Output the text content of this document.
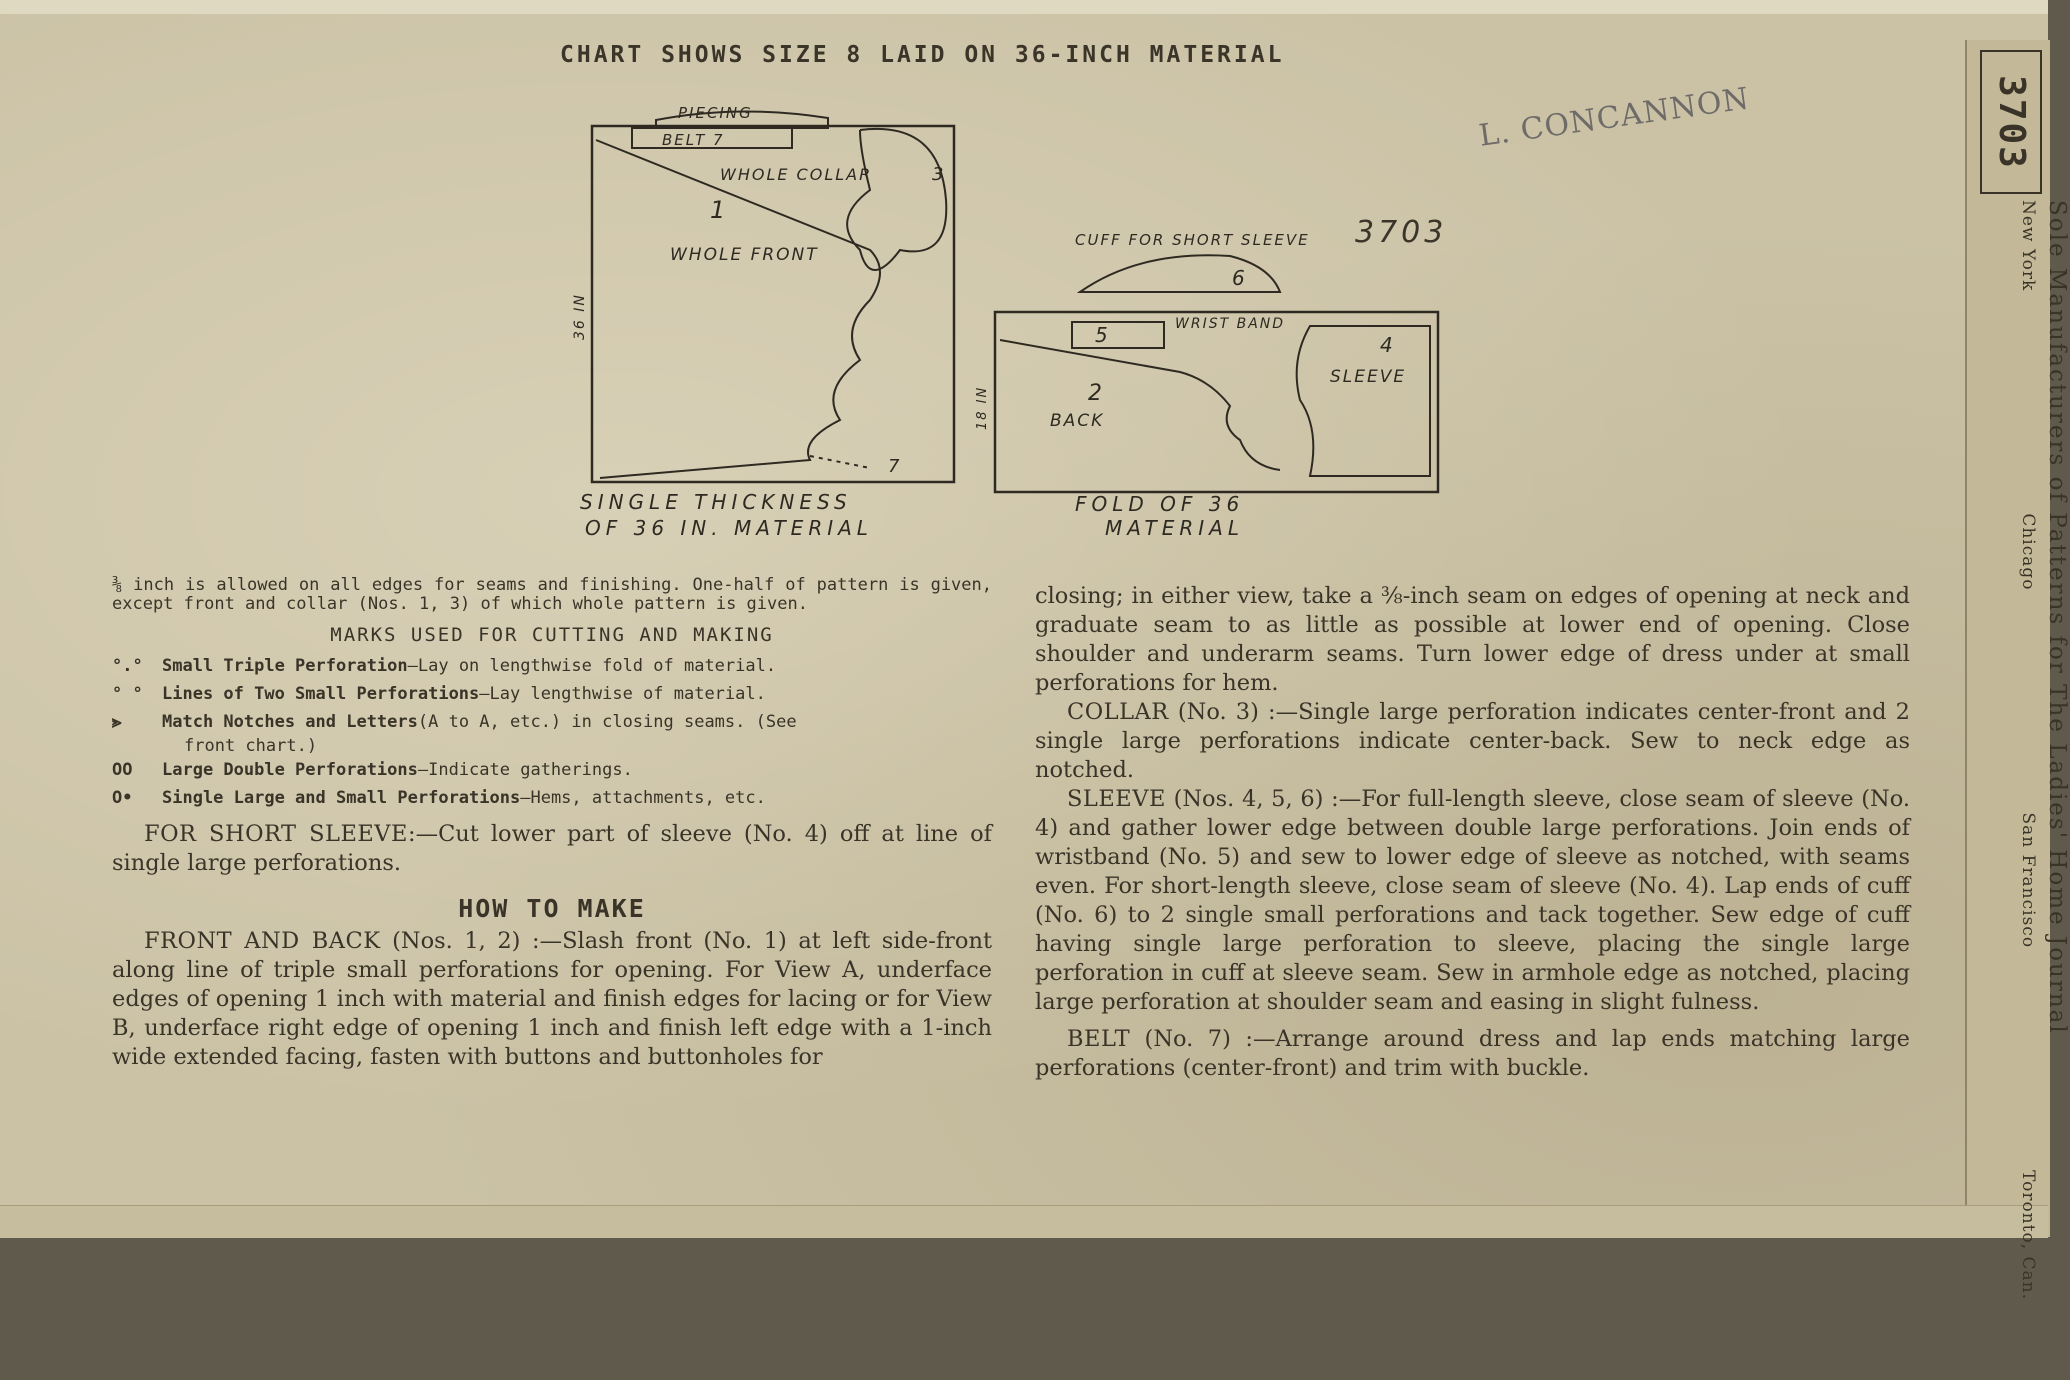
CHART SHOWS SIZE 8 LAID ON 36-INCH MATERIAL
L. CONCANNON
3703
PIECING
BELT 7
WHOLE COLLAR	3
1
WHOLE FRONT
36 IN
7
SINGLE THICKNESS
OF 36 IN. MATERIAL
CUFF FOR SHORT SLEEVE
6
5	WRIST BAND
4
SLEEVE
2
BACK
18 IN
FOLD OF 36
MATERIAL

⅜ inch is allowed on all edges for seams and finishing. One-half of pattern is given, except front and collar (Nos. 1, 3) of which whole pattern is given.

MARKS USED FOR CUTTING AND MAKING
°.°	Small Triple Perforation —Lay on lengthwise fold of material.
° °	Lines of Two Small Perforations —Lay lengthwise of material.
⪢	Match Notches and Letters (A to A, etc.) in closing seams. (See
front chart.)
OO	Large Double Perforations —Indicate gatherings.
O•	Single Large and Small Perforations —Hems, attachments, etc.

FOR SHORT SLEEVE:—Cut lower part of sleeve (No. 4) off at line of single large perforations.

HOW TO MAKE

FRONT AND BACK (Nos. 1, 2) :—Slash front (No. 1) at left side-front along line of triple small perforations for opening. For View A, underface edges of opening 1 inch with material and finish edges for lacing or for View B, underface right edge of opening 1 inch and finish left edge with a 1-inch wide extended facing, fasten with buttons and buttonholes for

closing; in either view, take a ⅜-inch seam on edges of opening at neck and graduate seam to as little as possible at lower end of opening. Close shoulder and underarm seams. Turn lower edge of dress under at small perforations for hem.

COLLAR (No. 3) :—Single large perforation indicates center-front and 2 single large perforations indicate center-back. Sew to neck edge as notched.

SLEEVE (Nos. 4, 5, 6) :—For full-length sleeve, close seam of sleeve (No. 4) and gather lower edge between double large perforations. Join ends of wristband (No. 5) and sew to lower edge of sleeve as notched, with seams even. For short-length sleeve, close seam of sleeve (No. 4). Lap ends of cuff (No. 6) to 2 single small perforations and tack together. Sew edge of cuff having single large perforation to sleeve, placing the single large perforation in cuff at sleeve seam. Sew in armhole edge as notched, placing large perforation at shoulder seam and easing in slight fulness.

BELT (No. 7) :—Arrange around dress and lap ends matching large perforations (center-front) and trim with buckle.

3703
Sole Manufacturers of Patterns for The Ladies' Home Journal
New York
Chicago
San Francisco
Toronto, Can.
